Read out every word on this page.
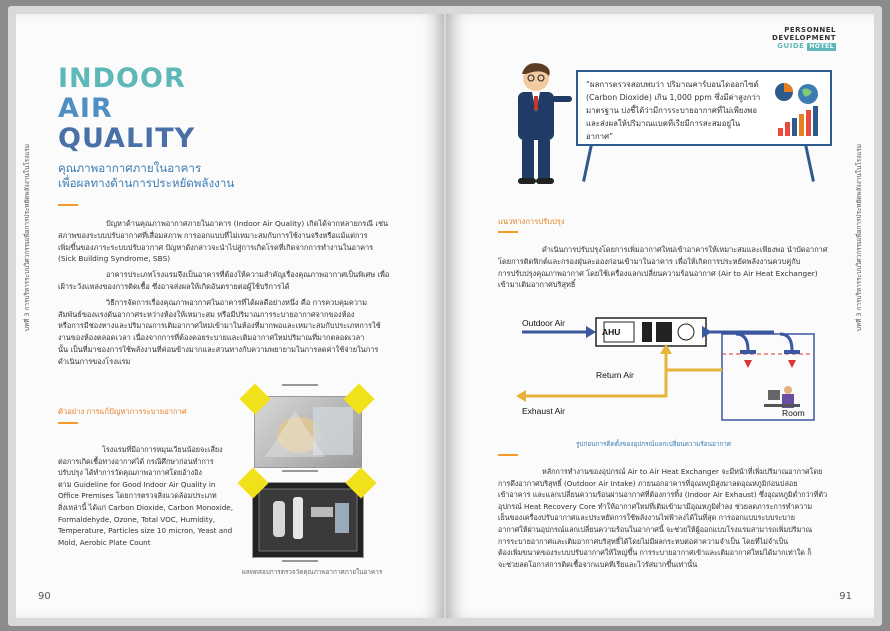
บทที่ 3 การบริหารระบบวิศวกรรมเพื่อการประหยัดพลังงานในโรงแรม
INDOOR
AIR
QUALITY
คุณภาพอากาศภายในอาคาร
เพื่อผลทางด้านการประหยัดพลังงาน
ปัญหาด้านคุณภาพอากาศภายในอาคาร (Indoor Air Quality) เกิดได้จากหลายกรณี เช่น
สภาพของระบบปรับอากาศที่เสื่อมสภาพ การออกแบบที่ไม่เหมาะสมกับการใช้งานจริงหรือแม้แต่การ
เพิ่มขึ้นของภาระระบบปรับอากาศ ปัญหาดังกล่าวจะนำไปสู่การเกิดโรคที่เกิดจากการทำงานในอาคาร
(Sick Building Syndrome, SBS)
อาคารประเภทโรงแรมจึงเป็นอาคารที่ต้องให้ความสำคัญเรื่องคุณภาพอากาศเป็นพิเศษ เพื่อ
เฝ้าระวังแหล่งของการติดเชื้อ ซึ่งอาจส่งผลให้เกิดอันตรายต่อผู้ใช้บริการได้
วิธีการจัดการเรื่องคุณภาพอากาศในอาคารที่ได้ผลดีอย่างหนึ่ง คือ การควบคุมความ
สัมพันธ์ของแรงดันอากาศระหว่างห้องให้เหมาะสม หรือมีปริมาณการระบายอากาศจากของห้อง
หรือการมีช่องทางและปริมาณการเติมอากาศใหม่เข้ามาในห้องที่มากพอและเหมาะสมกับประเภทการใช้
งานของห้องตลอดเวลา เนื่องจากการที่ต้องคอยระบายและเติมอากาศใหม่ปริมาณที่มากตลอดเวลา
นั้น เป็นที่มาของการใช้พลังงานที่ค่อนข้างมากและสวนทางกับความพยายามในการลดค่าใช้จ่ายในการ
ดำเนินการของโรงแรม
ตัวอย่าง การแก้ปัญหาการระบายอากาศ
โรงแรมที่มีอาการหมุนเวียนน้อยจะเสี่ยง
ต่อการเกิดเชื้อทางอากาศได้ กรณีศึกษาก่อนทำการ
ปรับปรุง ได้ทำการวัดคุณภาพอากาศโดยอ้างอิง
ตาม Guideline for Good Indoor Air Quality in
Office Premises โดยการตรวจสิ่งแวดล้อมประเภท
สิ่งเหล่านี้ ได้แก่ Carbon Dioxide, Carbon Monoxide,
Formaldehyde, Ozone, Total VOC, Humidity,
Temperature, Particles size 10 micron, Yeast and
Mold, Aerobic Plate Count
ผลทดสอบการตรวจวัดคุณภาพอากาศภายในอาคาร
90
PERSONNEL
DEVELOPMENT
GUIDE HOTEL
บทที่ 3 การบริหารระบบวิศวกรรมเพื่อการประหยัดพลังงานในโรงแรม
“ผลการตรวจสอบพบว่า ปริมาณคาร์บอนไดออกไซด์
(Carbon Dioxide) เกิน 1,000 ppm ซึ่งมีค่าสูงกว่า
มาตรฐาน บ่งชี้ได้ว่ามีการระบายอากาศที่ไม่เพียงพอ
และส่งผลให้ปริมาณแบคทีเรียมีการสะสมอยู่ในอากาศ”
แนวทางการปรับปรุง
ดำเนินการปรับปรุงโดยการเพิ่มอากาศใหม่เข้าอาคารให้เหมาะสมและเพียงพอ นำบัดอากาศ
โดยการติดฟิกต์และกรองฝุ่นละอองก่อนเข้ามาในอาคาร เพื่อให้เกิดการประหยัดพลังงานควบคู่กับ
การปรับปรุงคุณภาพอากาศ โดยใช้เครื่องแลกเปลี่ยนความร้อนอากาศ (Air to Air Heat Exchanger)
เข้ามาเติมอากาศบริสุทธิ์
Outdoor Air
AHU
Return Air
Exhaust Air	Room
รูปก่อนการติดตั้งของอุปกรณ์แลกเปลี่ยนความร้อนอากาศ
หลักการทำงานของอุปกรณ์ Air to Air Heat Exchanger จะมีหน้าที่เพิ่มปริมาณอากาศโดย
การดึงอากาศบริสุทธิ์ (Outdoor Air Intake) ภายนอกอาคารที่อุณหภูมิสูงมาลดอุณหภูมิก่อนปล่อย
เข้าอาคาร และแลกเปลี่ยนความร้อนผ่านอากาศที่ต้องการทิ้ง (Indoor Air Exhaust) ซึ่งอุณหภูมิต่ำกว่าที่ตัว
อุปกรณ์ Heat Recovery Core ทำให้อากาศใหม่ที่เติมเข้ามามีอุณหภูมิต่ำลง ช่วยลดภาระการทำความ
เย็นของเครื่องปรับอากาศและประหยัดการใช้พลังงานไฟฟ้าลงได้ในที่สุด การออกแบบระบบระบาย
อากาศให้ผ่านอุปกรณ์แลกเปลี่ยนความร้อนในอากาศนี้ จะช่วยให้ผู้ออกแบบโรงแรมสามารถเพิ่มปริมาณ
การระบายอากาศและเติมอากาศบริสุทธิ์ได้โดยไม่มีผลกระทบต่อค่าความจำเป็น โดยที่ไม่จำเป็น
ต้องเพิ่มขนาดของระบบปรับอากาศให้ใหญ่ขึ้น การระบายอากาศเข้าและเติมอากาศใหม่ได้มากเท่าใด ก็
จะช่วยลดโอกาสการติดเชื้อจากแบคทีเรียและไวรัสมากขึ้นเท่านั้น
91
